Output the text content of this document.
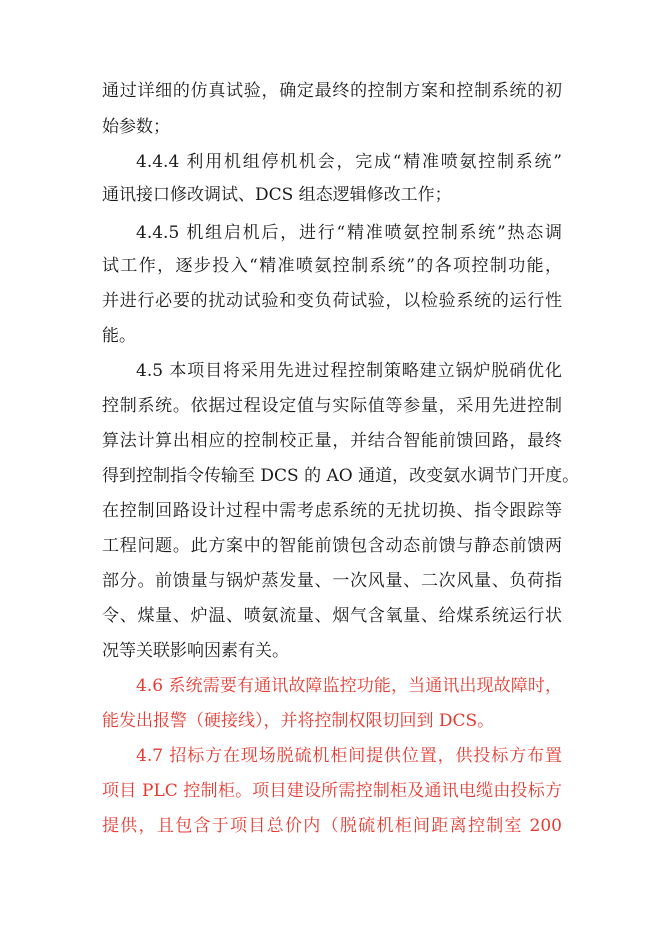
通过详细的仿真试验，确定最终的控制方案和控制系统的初
始参数；
4.4.4 利用机组停机机会，完成“精准喷氨控制系统”
通讯接口修改调试、DCS 组态逻辑修改工作；
4.4.5 机组启机后，进行“精准喷氨控制系统”热态调
试工作，逐步投入“精准喷氨控制系统”的各项控制功能，
并进行必要的扰动试验和变负荷试验，以检验系统的运行性
能。
4.5 本项目将采用先进过程控制策略建立锅炉脱硝优化
控制系统。依据过程设定值与实际值等参量，采用先进控制
算法计算出相应的控制校正量，并结合智能前馈回路，最终
得到控制指令传输至 DCS 的 AO 通道，改变氨水调节门开度。
在控制回路设计过程中需考虑系统的无扰切换、指令跟踪等
工程问题。此方案中的智能前馈包含动态前馈与静态前馈两
部分。前馈量与锅炉蒸发量、一次风量、二次风量、负荷指
令、煤量、炉温、喷氨流量、烟气含氧量、给煤系统运行状
况等关联影响因素有关。
4.6 系统需要有通讯故障监控功能，当通讯出现故障时，
能发出报警（硬接线），并将控制权限切回到 DCS。
4.7 招标方在现场脱硫机柜间提供位置，供投标方布置
项目 PLC 控制柜。项目建设所需控制柜及通讯电缆由投标方
提供，且包含于项目总价内（脱硫机柜间距离控制室 200
